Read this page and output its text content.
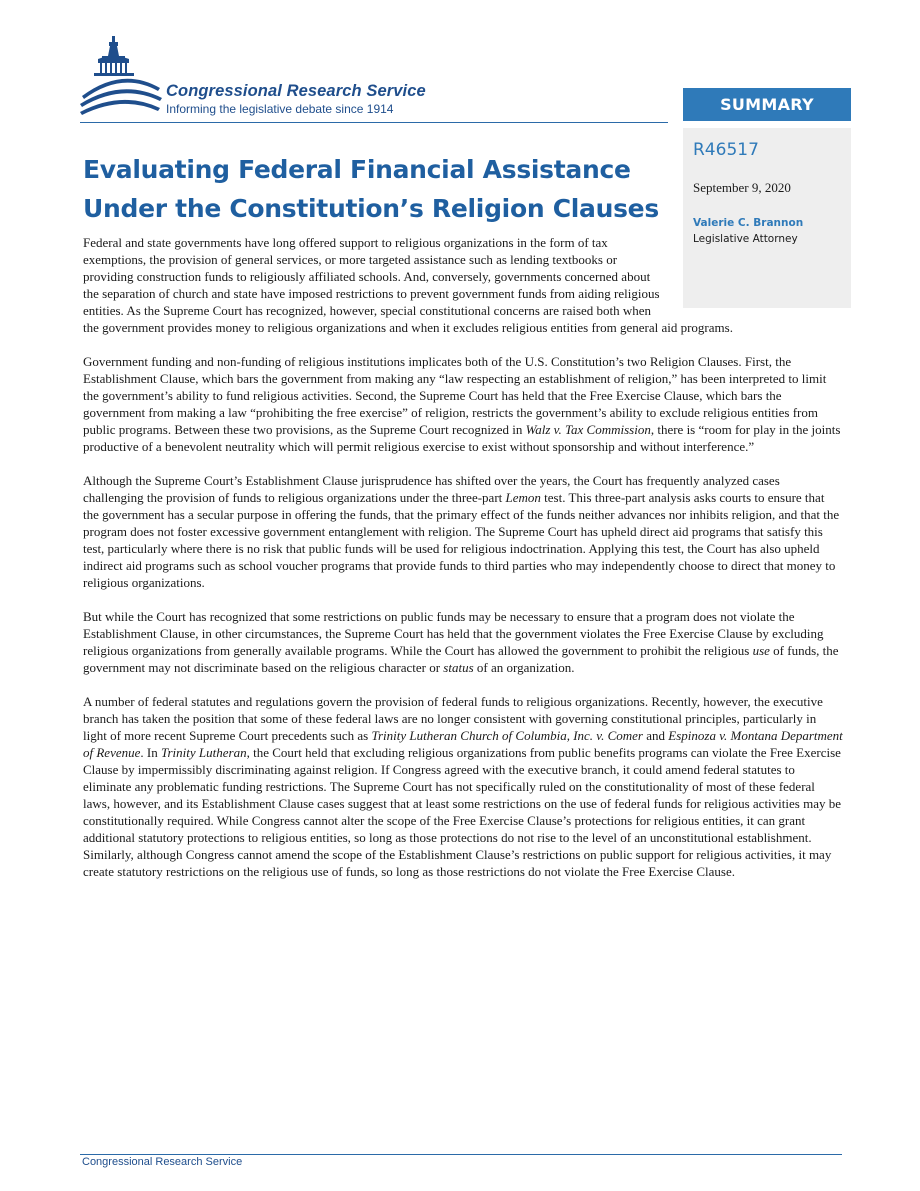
Congressional Research Service
Informing the legislative debate since 1914	SUMMARY
R46517
September 9, 2020
Valerie C. Brannon
Legislative Attorney
Evaluating Federal Financial Assistance Under the Constitution’s Religion Clauses

Federal and state governments have long offered support to religious organizations in the form of tax exemptions, the provision of general services, or more targeted assistance such as lending textbooks or providing construction funds to religiously affiliated schools. And, conversely, governments concerned about the separation of church and state have imposed restrictions to prevent government funds from aiding religious entities. As the Supreme Court has recognized, however, special constitutional concerns are raised both when the government provides money to religious organizations and when it excludes religious entities from general aid programs.

Government funding and non-funding of religious institutions implicates both of the U.S. Constitution’s two Religion Clauses. First, the Establishment Clause, which bars the government from making any “law respecting an establishment of religion,” has been interpreted to limit the government’s ability to fund religious activities. Second, the Supreme Court has held that the Free Exercise Clause, which bars the government from making a law “prohibiting the free exercise” of religion, restricts the government’s ability to exclude religious entities from public programs. Between these two provisions, as the Supreme Court recognized in Walz v. Tax Commission, there is “room for play in the joints productive of a benevolent neutrality which will permit religious exercise to exist without sponsorship and without interference.”

Although the Supreme Court’s Establishment Clause jurisprudence has shifted over the years, the Court has frequently analyzed cases challenging the provision of funds to religious organizations under the three-part Lemon test. This three-part analysis asks courts to ensure that the government has a secular purpose in offering the funds, that the primary effect of the funds neither advances nor inhibits religion, and that the program does not foster excessive government entanglement with religion. The Supreme Court has upheld direct aid programs that satisfy this test, particularly where there is no risk that public funds will be used for religious indoctrination. Applying this test, the Court has also upheld indirect aid programs such as school voucher programs that provide funds to third parties who may independently choose to direct that money to religious organizations.

But while the Court has recognized that some restrictions on public funds may be necessary to ensure that a program does not violate the Establishment Clause, in other circumstances, the Supreme Court has held that the government violates the Free Exercise Clause by excluding religious organizations from generally available programs. While the Court has allowed the government to prohibit the religious use of funds, the government may not discriminate based on the religious character or status of an organization.

A number of federal statutes and regulations govern the provision of federal funds to religious organizations. Recently, however, the executive branch has taken the position that some of these federal laws are no longer consistent with governing constitutional principles, particularly in light of more recent Supreme Court precedents such as Trinity Lutheran Church of Columbia, Inc. v. Comer and Espinoza v. Montana Department of Revenue. In Trinity Lutheran, the Court held that excluding religious organizations from public benefits programs can violate the Free Exercise Clause by impermissibly discriminating against religion. If Congress agreed with the executive branch, it could amend federal statutes to eliminate any problematic funding restrictions. The Supreme Court has not specifically ruled on the constitutionality of most of these federal laws, however, and its Establishment Clause cases suggest that at least some restrictions on the use of federal funds for religious activities may be constitutionally required. While Congress cannot alter the scope of the Free Exercise Clause’s protections for religious entities, it can grant additional statutory protections to religious entities, so long as those protections do not rise to the level of an unconstitutional establishment. Similarly, although Congress cannot amend the scope of the Establishment Clause’s restrictions on public support for religious activities, it may create statutory restrictions on the religious use of funds, so long as those restrictions do not violate the Free Exercise Clause.

Congressional Research Service
